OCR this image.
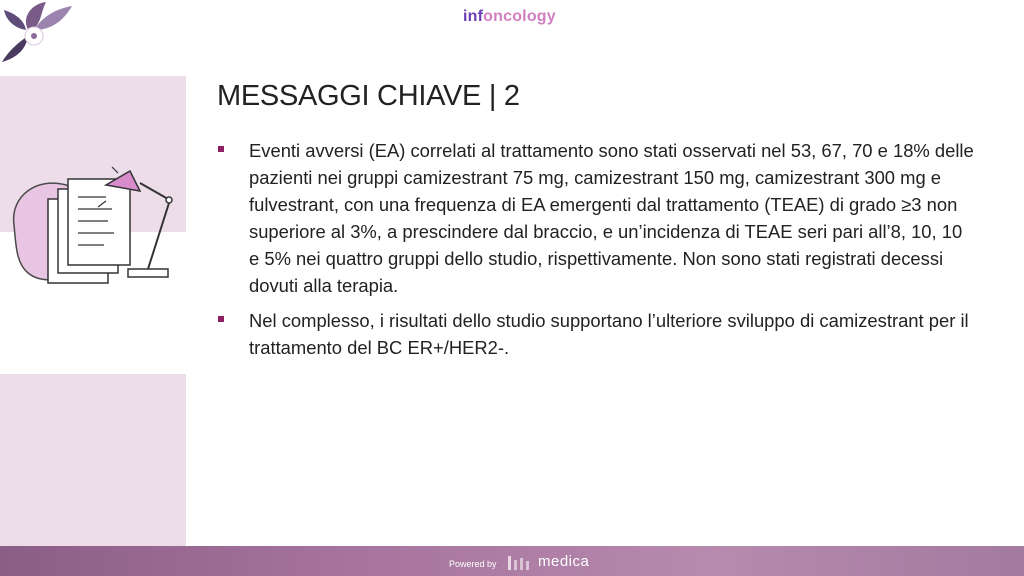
infoncology
MESSAGGI CHIAVE | 2
Eventi avversi (EA) correlati al trattamento sono stati osservati nel 53, 67, 70 e 18% delle pazienti nei gruppi camizestrant 75 mg, camizestrant 150 mg, camizestrant 300 mg e fulvestrant, con una frequenza di EA emergenti dal trattamento (TEAE) di grado ≥3 non superiore al 3%, a prescindere dal braccio, e un’incidenza di TEAE seri pari all’8, 10, 10 e 5% nei quattro gruppi dello studio, rispettivamente. Non sono stati registrati decessi dovuti alla terapia.
Nel complesso, i risultati dello studio supportano l’ulteriore sviluppo di camizestrant per il trattamento del BC ER+/HER2-.
Powered by	medica
